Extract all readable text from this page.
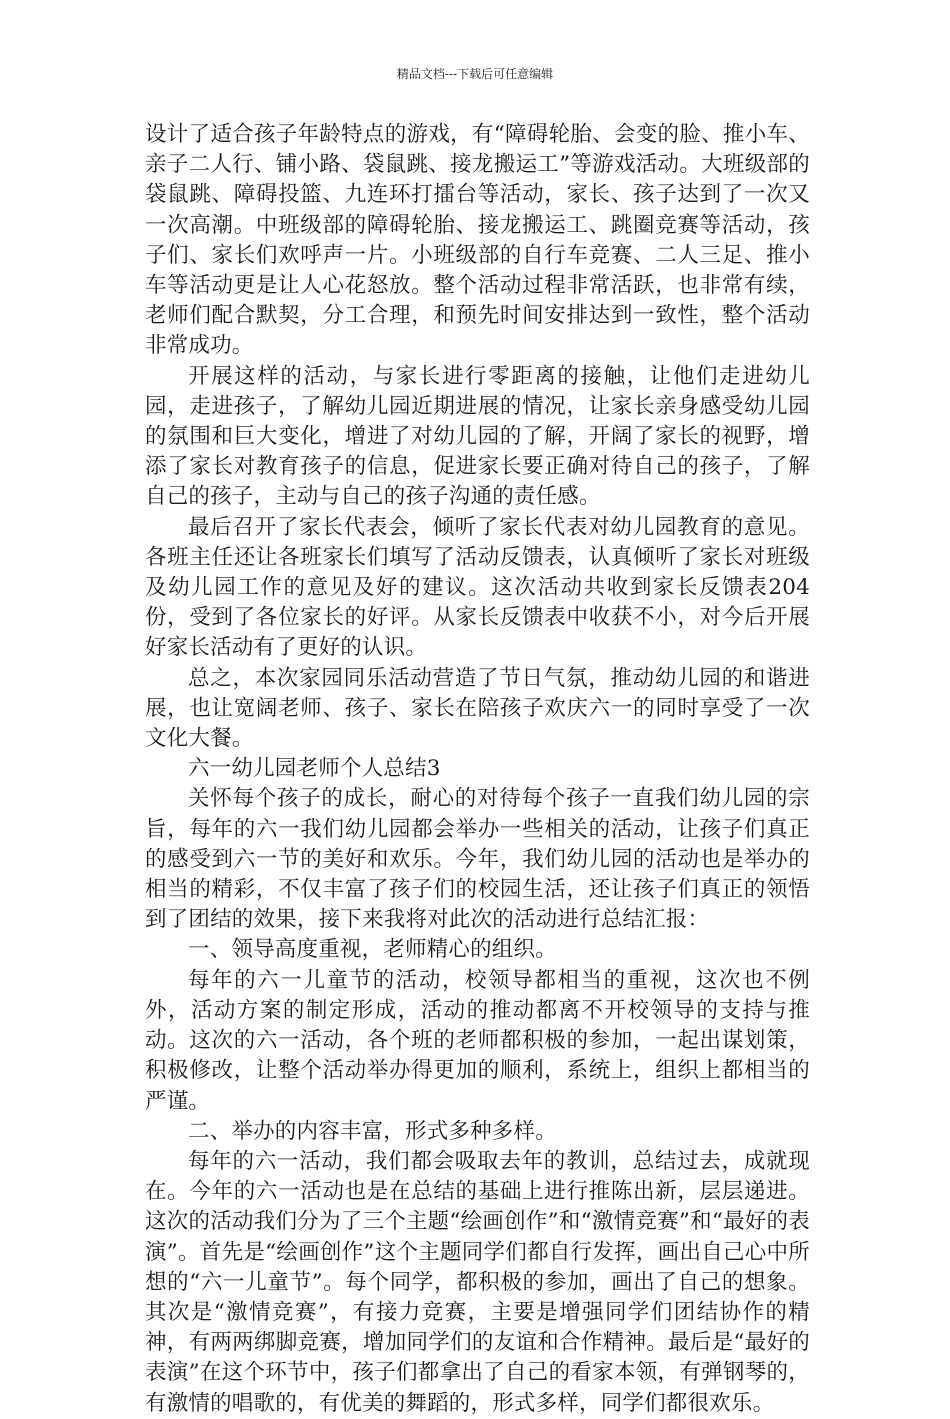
精品文档---下载后可任意编辑

设计了适合孩子年龄特点的游戏，有“障碍轮胎、会变的脸、推小车、亲子二人行、铺小路、袋鼠跳、接龙搬运工”等游戏活动。大班级部的袋鼠跳、障碍投篮、九连环打擂台等活动，家长、孩子达到了一次又一次高潮。中班级部的障碍轮胎、接龙搬运工、跳圈竞赛等活动，孩子们、家长们欢呼声一片。小班级部的自行车竞赛、二人三足、推小车等活动更是让人心花怒放。整个活动过程非常活跃，也非常有续，老师们配合默契，分工合理，和预先时间安排达到一致性，整个活动非常成功。

开展这样的活动，与家长进行零距离的接触，让他们走进幼儿园，走进孩子，了解幼儿园近期进展的情况，让家长亲身感受幼儿园的氛围和巨大变化，增进了对幼儿园的了解，开阔了家长的视野，增添了家长对教育孩子的信息，促进家长要正确对待自己的孩子，了解自己的孩子，主动与自己的孩子沟通的责任感。

最后召开了家长代表会，倾听了家长代表对幼儿园教育的意见。各班主任还让各班家长们填写了活动反馈表，认真倾听了家长对班级及幼儿园工作的意见及好的建议。这次活动共收到家长反馈表204份，受到了各位家长的好评。从家长反馈表中收获不小，对今后开展好家长活动有了更好的认识。

总之，本次家园同乐活动营造了节日气氛，推动幼儿园的和谐进展，也让宽阔老师、孩子、家长在陪孩子欢庆六一的同时享受了一次文化大餐。

六一幼儿园老师个人总结3

关怀每个孩子的成长，耐心的对待每个孩子一直我们幼儿园的宗旨，每年的六一我们幼儿园都会举办一些相关的活动，让孩子们真正的感受到六一节的美好和欢乐。今年，我们幼儿园的活动也是举办的相当的精彩，不仅丰富了孩子们的校园生活，还让孩子们真正的领悟到了团结的效果，接下来我将对此次的活动进行总结汇报：

一、领导高度重视，老师精心的组织。

每年的六一儿童节的活动，校领导都相当的重视，这次也不例外，活动方案的制定形成，活动的推动都离不开校领导的支持与推动。这次的六一活动，各个班的老师都积极的参加，一起出谋划策，积极修改，让整个活动举办得更加的顺利，系统上，组织上都相当的严谨。

二、举办的内容丰富，形式多种多样。

每年的六一活动，我们都会吸取去年的教训，总结过去，成就现在。今年的六一活动也是在总结的基础上进行推陈出新，层层递进。这次的活动我们分为了三个主题“绘画创作”和“激情竞赛”和“最好的表演”。首先是“绘画创作”这个主题同学们都自行发挥，画出自己心中所想的“六一儿童节”。每个同学，都积极的参加，画出了自己的想象。其次是“激情竞赛”，有接力竞赛，主要是增强同学们团结协作的精神，有两两绑脚竞赛，增加同学们的友谊和合作精神。最后是“最好的表演”在这个环节中，孩子们都拿出了自己的看家本领，有弹钢琴的，有激情的唱歌的，有优美的舞蹈的，形式多样，同学们都很欢乐。
